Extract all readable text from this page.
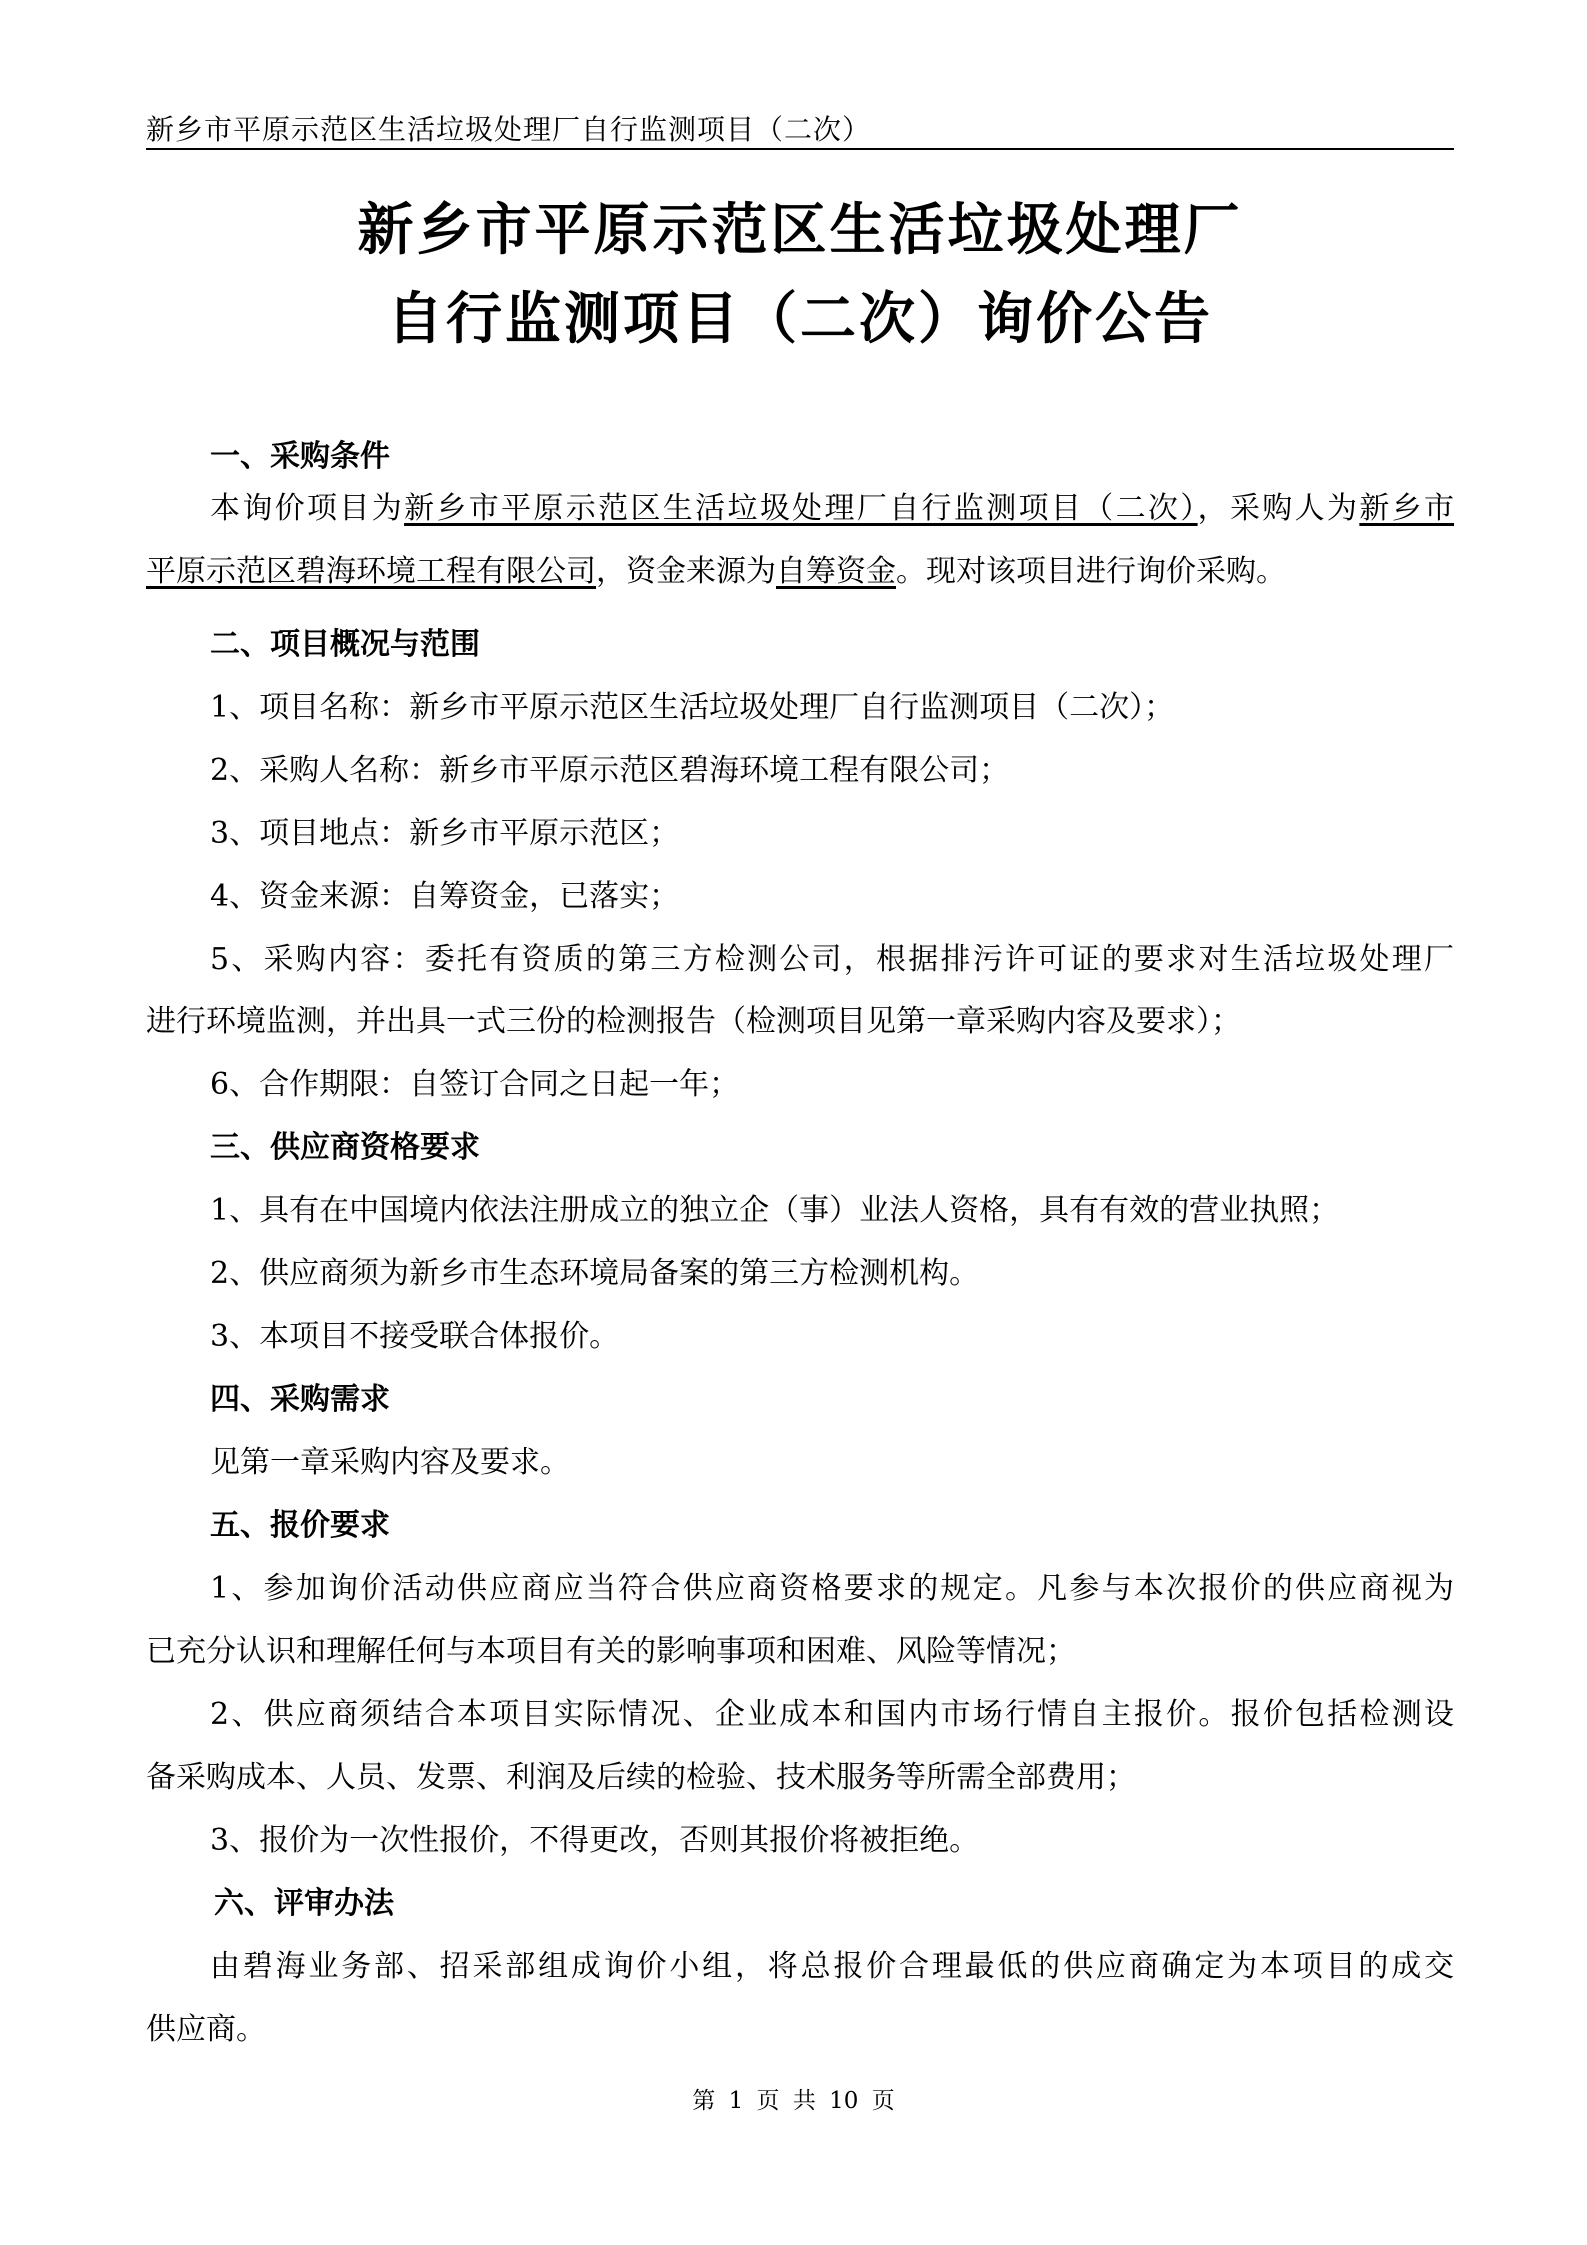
新乡市平原示范区生活垃圾处理厂自行监测项目（二次）
新乡市平原示范区生活垃圾处理厂
自行监测项目（二次）询价公告
一、采购条件
本询价项目为新乡市平原示范区生活垃圾处理厂自行监测项目（二次），采购人为新乡市
平原示范区碧海环境工程有限公司，资金来源为自筹资金。现对该项目进行询价采购。
二、项目概况与范围
1、项目名称：新乡市平原示范区生活垃圾处理厂自行监测项目（二次）；
2、采购人名称：新乡市平原示范区碧海环境工程有限公司；
3、项目地点：新乡市平原示范区；
4、资金来源：自筹资金，已落实；
5、采购内容：委托有资质的第三方检测公司，根据排污许可证的要求对生活垃圾处理厂
进行环境监测，并出具一式三份的检测报告（检测项目见第一章采购内容及要求）；
6、合作期限：自签订合同之日起一年；
三、供应商资格要求
1、具有在中国境内依法注册成立的独立企（事）业法人资格，具有有效的营业执照；
2、供应商须为新乡市生态环境局备案的第三方检测机构。
3、本项目不接受联合体报价。
四、采购需求
见第一章采购内容及要求。
五、报价要求
1、参加询价活动供应商应当符合供应商资格要求的规定。凡参与本次报价的供应商视为
已充分认识和理解任何与本项目有关的影响事项和困难、风险等情况；
2、供应商须结合本项目实际情况、企业成本和国内市场行情自主报价。报价包括检测设
备采购成本、人员、发票、利润及后续的检验、技术服务等所需全部费用；
3、报价为一次性报价，不得更改，否则其报价将被拒绝。
六、评审办法
由碧海业务部、招采部组成询价小组，将总报价合理最低的供应商确定为本项目的成交
供应商。
第 1 页 共 10 页
